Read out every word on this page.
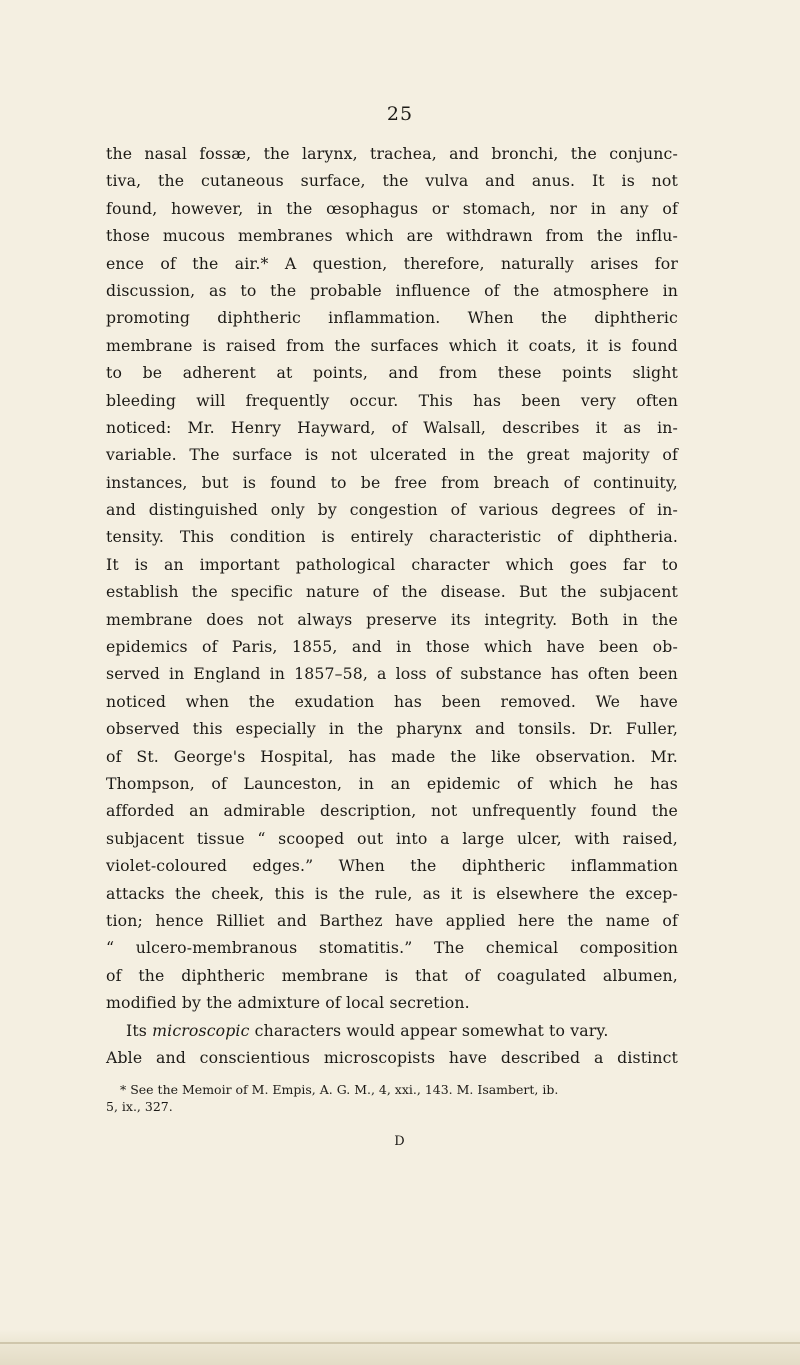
25
the nasal fossæ, the larynx, trachea, and bronchi, the conjunc-
tiva, the cutaneous surface, the vulva and anus. It is not
found, however, in the œsophagus or stomach, nor in any of
those mucous membranes which are withdrawn from the influ-
ence of the air.* A question, therefore, naturally arises for
discussion, as to the probable influence of the atmosphere in
promoting diphtheric inflammation. When the diphtheric
membrane is raised from the surfaces which it coats, it is found
to be adherent at points, and from these points slight
bleeding will frequently occur. This has been very often
noticed: Mr. Henry Hayward, of Walsall, describes it as in-
variable. The surface is not ulcerated in the great majority of
instances, but is found to be free from breach of continuity,
and distinguished only by congestion of various degrees of in-
tensity. This condition is entirely characteristic of diphtheria.
It is an important pathological character which goes far to
establish the specific nature of the disease. But the subjacent
membrane does not always preserve its integrity. Both in the
epidemics of Paris, 1855, and in those which have been ob-
served in England in 1857–58, a loss of substance has often been
noticed when the exudation has been removed. We have
observed this especially in the pharynx and tonsils. Dr. Fuller,
of St. George's Hospital, has made the like observation. Mr.
Thompson, of Launceston, in an epidemic of which he has
afforded an admirable description, not unfrequently found the
subjacent tissue “ scooped out into a large ulcer, with raised,
violet-coloured edges.” When the diphtheric inflammation
attacks the cheek, this is the rule, as it is elsewhere the excep-
tion; hence Rilliet and Barthez have applied here the name of
“ ulcero-membranous stomatitis.” The chemical composition
of the diphtheric membrane is that of coagulated albumen,
modified by the admixture of local secretion.
Its microscopic characters would appear somewhat to vary.
Able and conscientious microscopists have described a distinct
* See the Memoir of M. Empis, A. G. M., 4, xxi., 143. M. Isambert, ib.
5, ix., 327.
D
